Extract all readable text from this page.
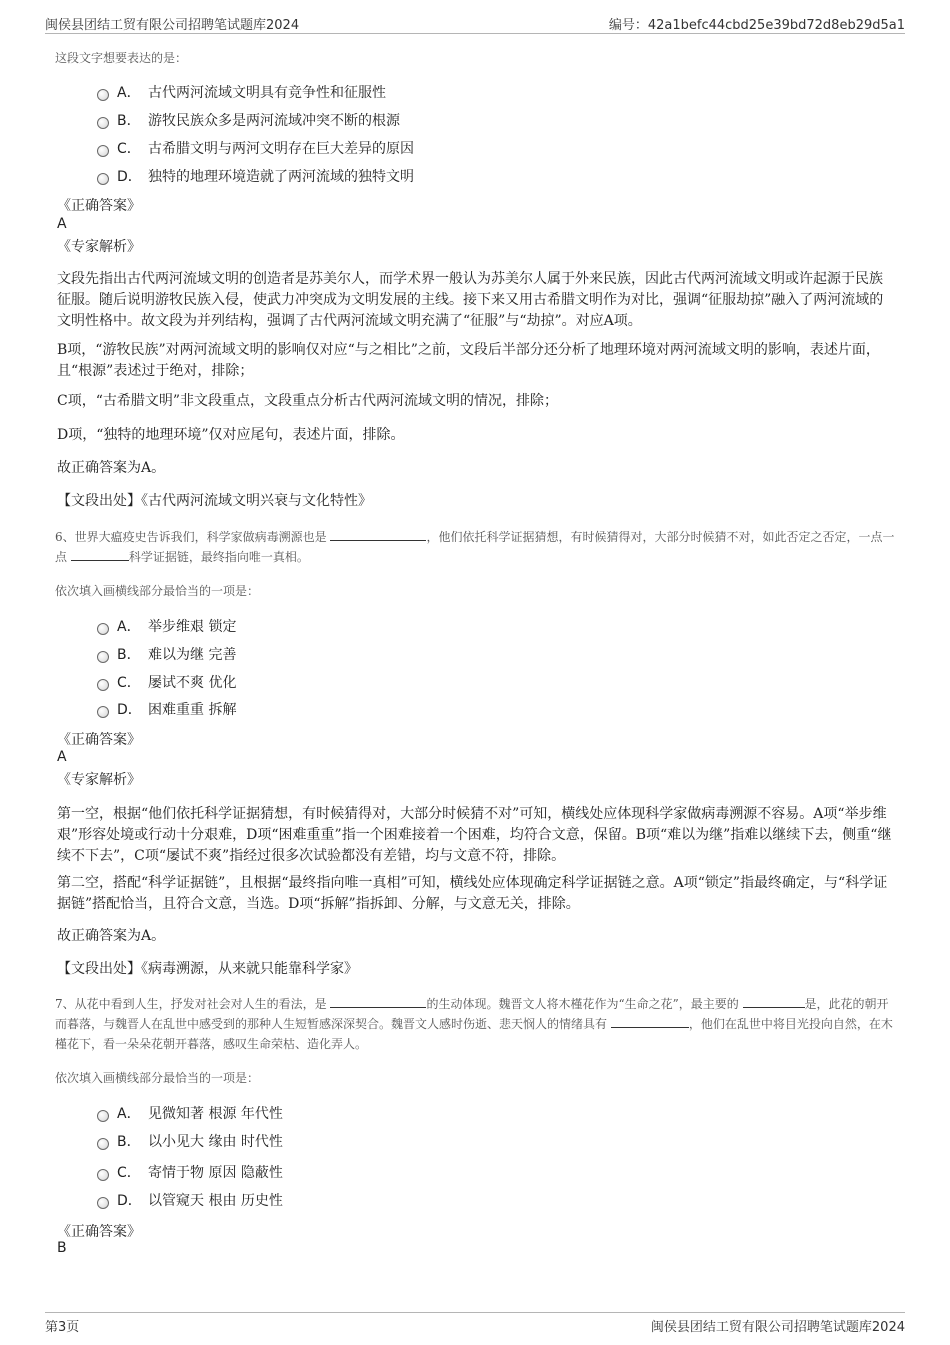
闽侯县团结工贸有限公司招聘笔试题库2024	编号：42a1befc44cbd25e39bd72d8eb29d5a1
这段文字想要表达的是：
A． 古代两河流域文明具有竞争性和征服性
B． 游牧民族众多是两河流域冲突不断的根源
C． 古希腊文明与两河文明存在巨大差异的原因
D． 独特的地理环境造就了两河流域的独特文明
《正确答案》
A
《专家解析》
文段先指出古代两河流域文明的创造者是苏美尔人，而学术界一般认为苏美尔人属于外来民族，因此古代两河流域文明或许起源于民族征服。随后说明游牧民族入侵，使武力冲突成为文明发展的主线。接下来又用古希腊文明作为对比，强调“征服劫掠”融入了两河流域的文明性格中。故文段为并列结构，强调了古代两河流域文明充满了“征服”与“劫掠”。对应A项。
B项，“游牧民族”对两河流域文明的影响仅对应“与之相比”之前，文段后半部分还分析了地理环境对两河流域文明的影响，表述片面，且“根源”表述过于绝对，排除；
C项，“古希腊文明”非文段重点，文段重点分析古代两河流域文明的情况，排除；
D项，“独特的地理环境”仅对应尾句，表述片面，排除。
故正确答案为A。
【文段出处】《古代两河流域文明兴衰与文化特性》
6、世界大瘟疫史告诉我们，科学家做病毒溯源也是	，他们依托科学证据猜想，有时候猜得对，大部分时候猜不对，如此否定之否定，一点一点	科学证据链，最终指向唯一真相。
依次填入画横线部分最恰当的一项是：
A． 举步维艰 锁定
B． 难以为继 完善
C． 屡试不爽 优化
D． 困难重重 拆解
《正确答案》
A
《专家解析》
第一空，根据“他们依托科学证据猜想，有时候猜得对，大部分时候猜不对”可知，横线处应体现科学家做病毒溯源不容易。A项“举步维艰”形容处境或行动十分艰难，D项“困难重重”指一个困难接着一个困难，均符合文意，保留。B项“难以为继”指难以继续下去，侧重“继续不下去”，C项“屡试不爽”指经过很多次试验都没有差错，均与文意不符，排除。
第二空，搭配“科学证据链”，且根据“最终指向唯一真相”可知，横线处应体现确定科学证据链之意。A项“锁定”指最终确定，与“科学证据链”搭配恰当，且符合文意，当选。D项“拆解”指拆卸、分解，与文意无关，排除。
故正确答案为A。
【文段出处】《病毒溯源，从来就只能靠科学家》
7、从花中看到人生，抒发对社会对人生的看法，是	的生动体现。魏晋文人将木槿花作为“生命之花”，最主要的	是，此花的朝开而暮落，与魏晋人在乱世中感受到的那种人生短暂感深深契合。魏晋文人感时伤逝、悲天悯人的情绪具有	，他们在乱世中将目光投向自然，在木槿花下，看一朵朵花朝开暮落，感叹生命荣枯、造化弄人。
依次填入画横线部分最恰当的一项是：
A． 见微知著 根源 年代性
B． 以小见大 缘由 时代性
C． 寄情于物 原因 隐蔽性
D． 以管窥天 根由 历史性
《正确答案》
B
第3页	闽侯县团结工贸有限公司招聘笔试题库2024
